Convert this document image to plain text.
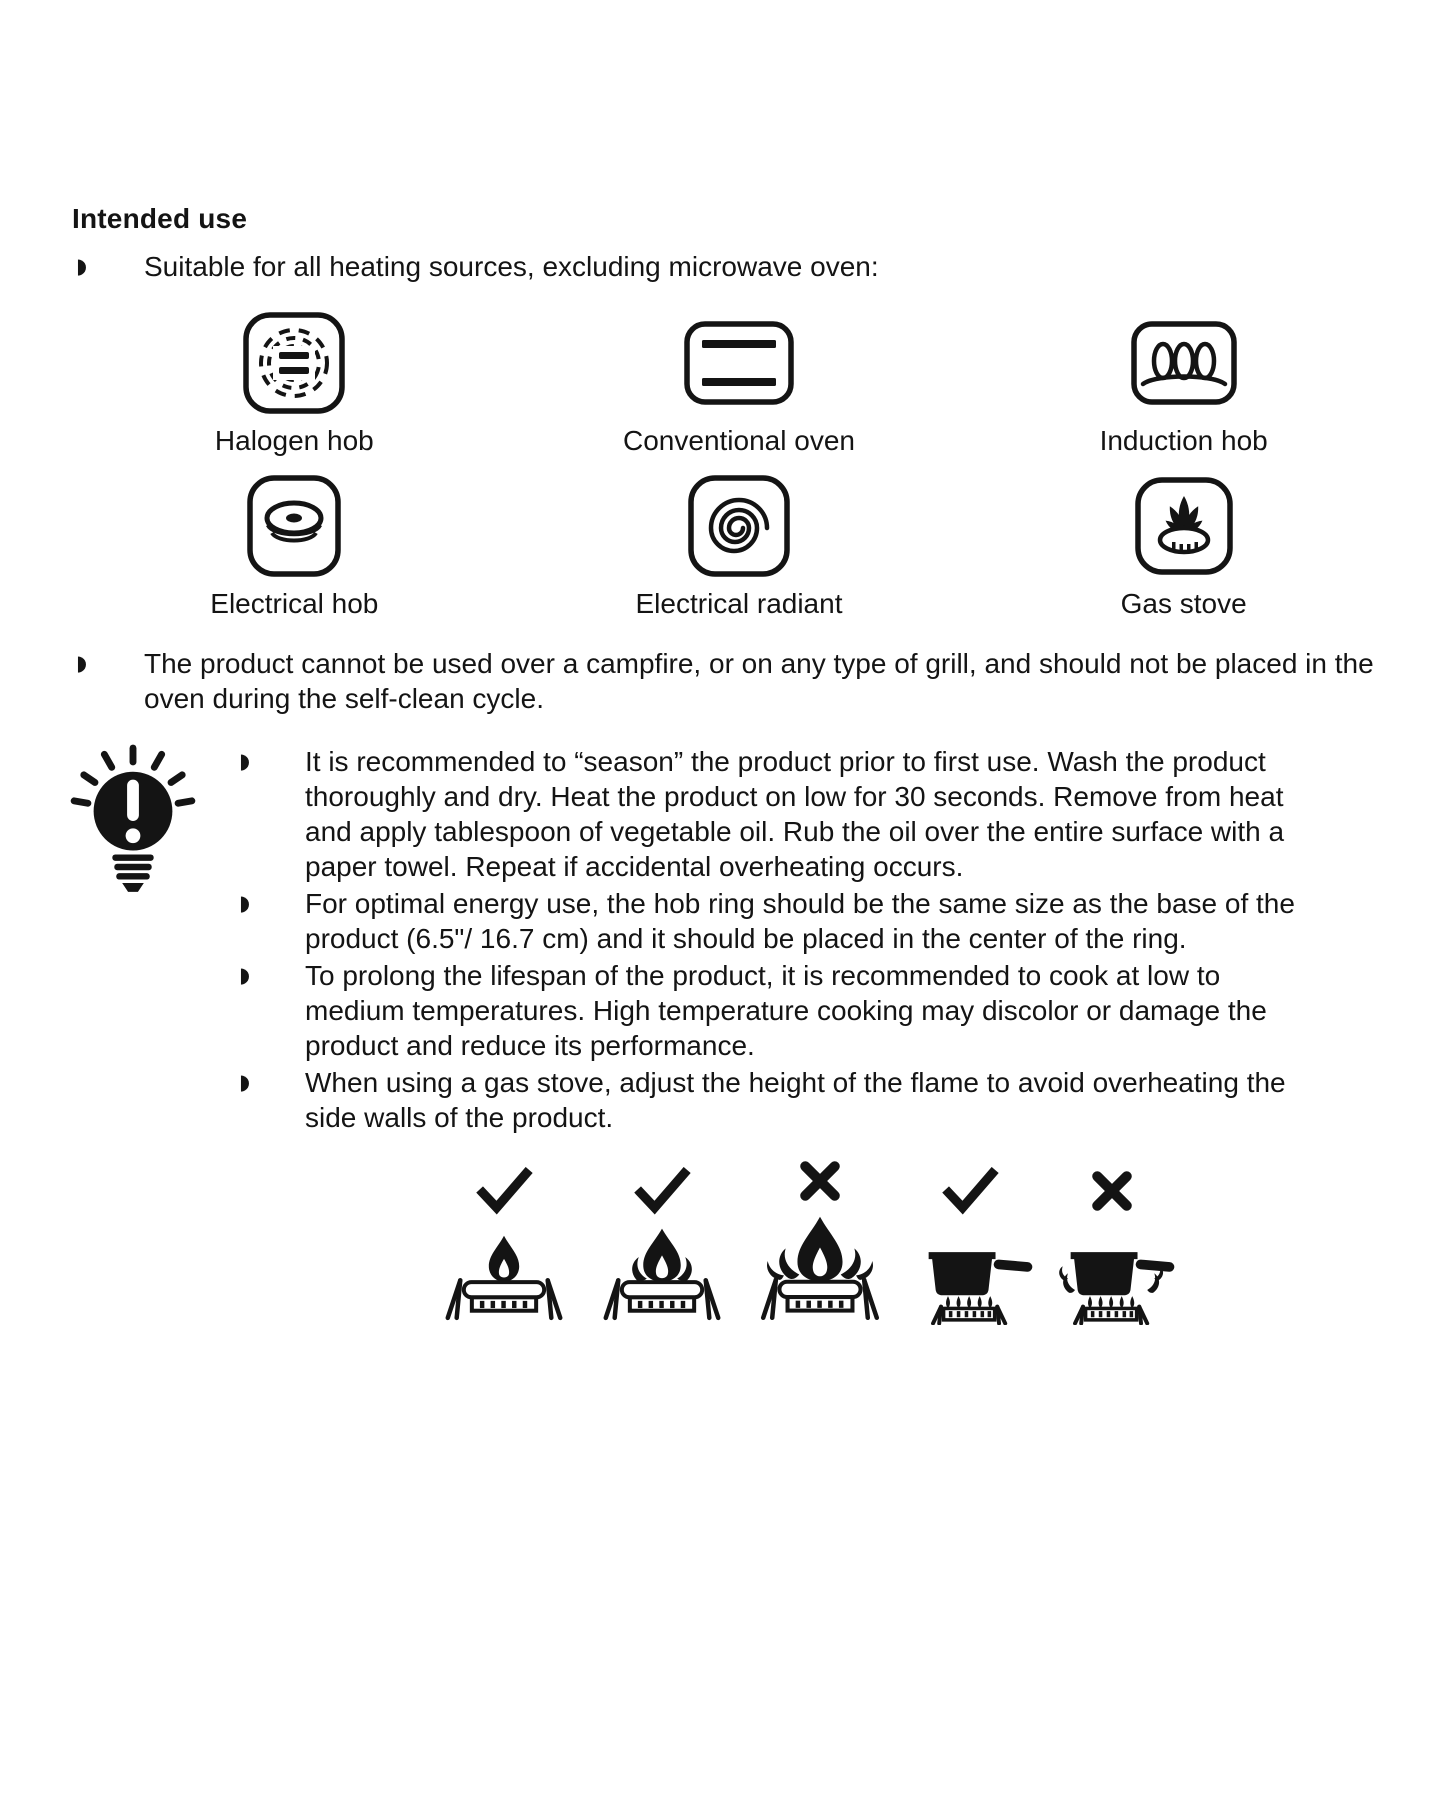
Intended use
◗	Suitable for all heating sources, excluding microwave oven:
Halogen hob	Conventional oven	Induction hob
Electrical hob	Electrical radiant	Gas stove
◗	The product cannot be used over a campfire, or on any type of grill, and should not be placed in the oven during the self-clean cycle.
◗	It is recommended to “season” the product prior to first use. Wash the product thoroughly and dry. Heat the product on low for 30 seconds. Remove from heat and apply tablespoon of vegetable oil. Rub the oil over the entire surface with a paper towel. Repeat if accidental overheating occurs.
◗	For optimal energy use, the hob ring should be the same size as the base of the product (6.5"/ 16.7 cm) and it should be placed in the center of the ring.
◗	To prolong the lifespan of the product, it is recommended to cook at low to medium temperatures. High temperature cooking may discolor or damage the product and reduce its performance.
◗	When using a gas stove, adjust the height of the flame to avoid overheating the side walls of the product.
